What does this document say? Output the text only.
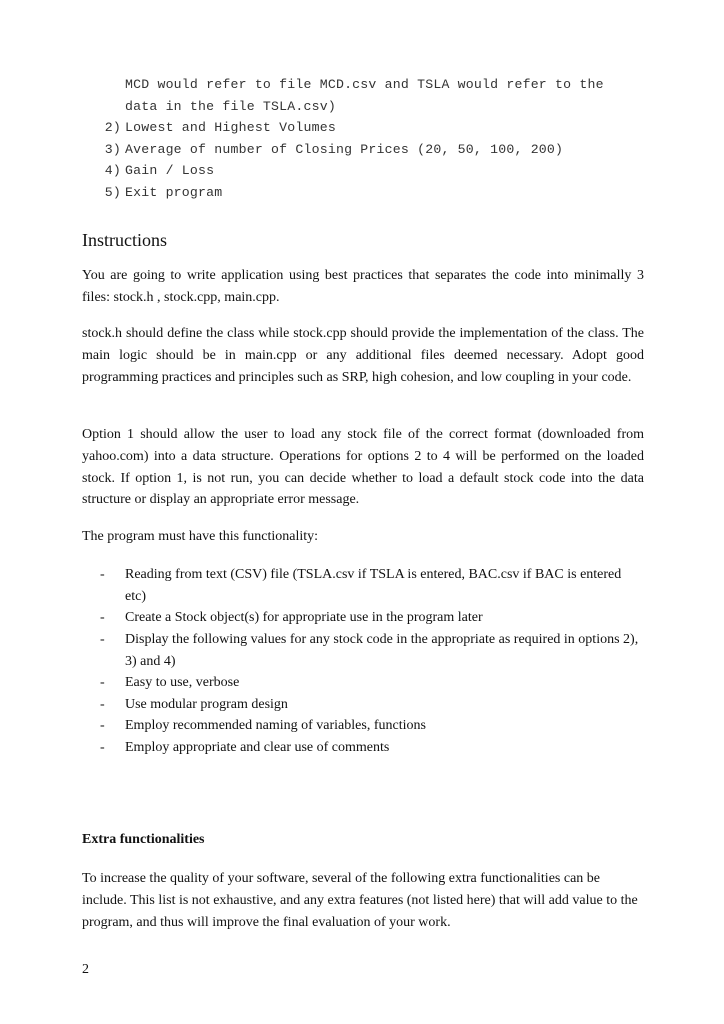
MCD would refer to file MCD.csv and TSLA would refer to the
data in the file TSLA.csv)
2) Lowest and Highest Volumes
3) Average of number of Closing Prices (20, 50, 100, 200)
4) Gain / Loss
5) Exit program
Instructions

You are going to write application using best practices that separates the code into minimally 3 files: stock.h , stock.cpp, main.cpp.

stock.h should define the class while stock.cpp should provide the implementation of the class. The main logic should be in main.cpp or any additional files deemed necessary. Adopt good programming practices and principles such as SRP, high cohesion, and low coupling in your code.

Option 1 should allow the user to load any stock file of the correct format (downloaded from yahoo.com) into a data structure. Operations for options 2 to 4 will be performed on the loaded stock. If option 1, is not run, you can decide whether to load a default stock code into the data structure or display an appropriate error message.

The program must have this functionality:

-	Reading from text (CSV) file (TSLA.csv if TSLA is entered, BAC.csv if BAC is entered etc)
-	Create a Stock object(s) for appropriate use in the program later
-	Display the following values for any stock code in the appropriate as required in options 2), 3) and 4)
-	Easy to use, verbose
-	Use modular program design
-	Employ recommended naming of variables, functions
-	Employ appropriate and clear use of comments
Extra functionalities

To increase the quality of your software, several of the following extra functionalities can be include. This list is not exhaustive, and any extra features (not listed here) that will add value to the program, and thus will improve the final evaluation of your work.

2
